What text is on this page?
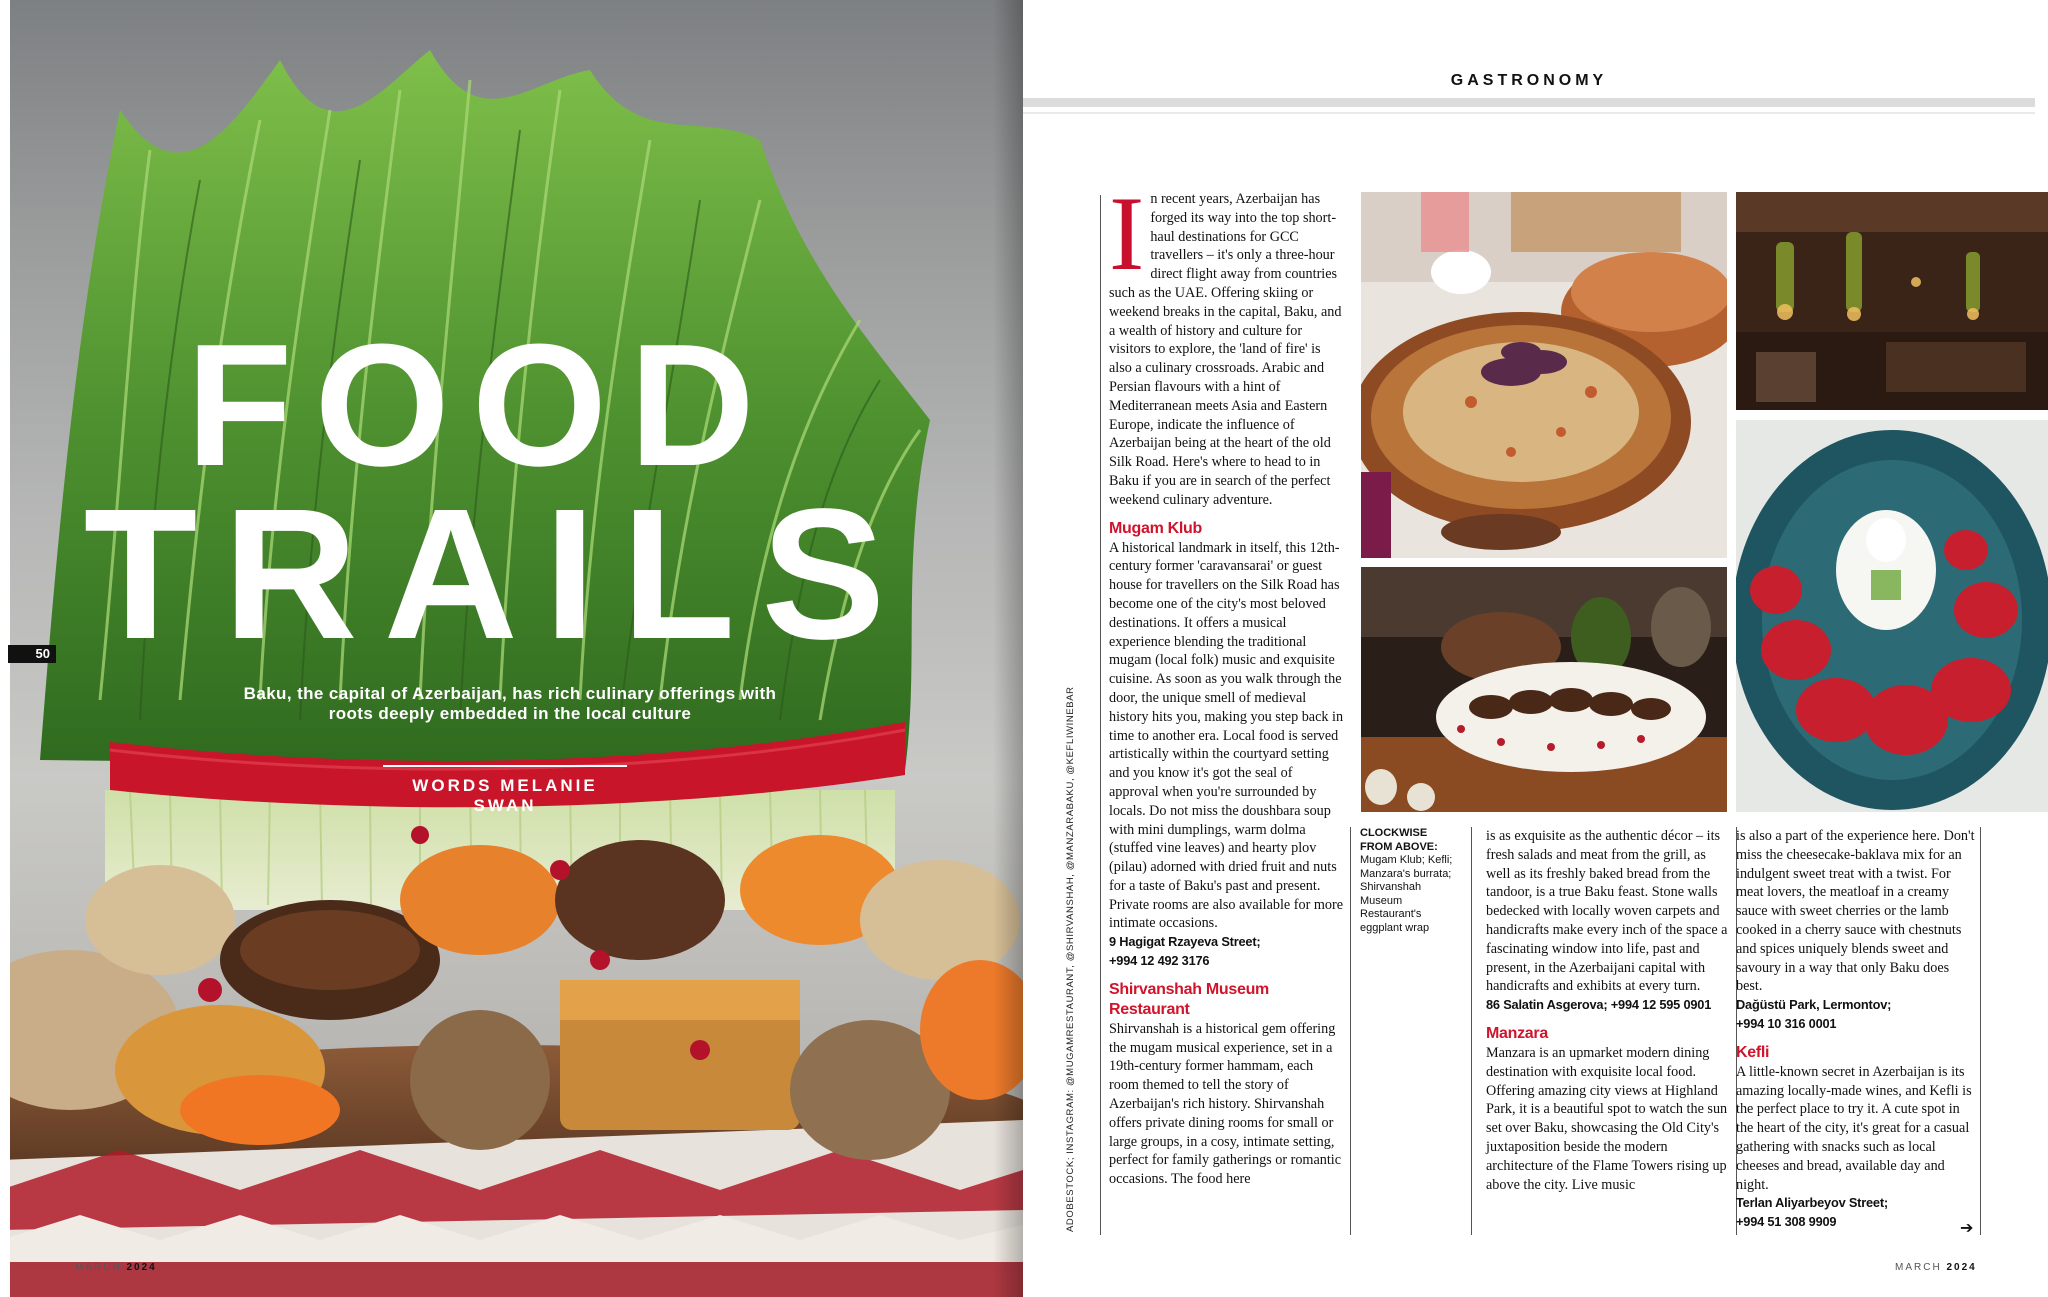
FOOD
TRAILS
50
Baku, the capital of Azerbaijan, has rich culinary offerings with roots deeply embedded in the local culture
WORDS MELANIE SWAN
MARCH 2024
GASTRONOMY
ADOBESTOCK; INSTAGRAM: @MUGAMRESTAURANT, @SHIRVANSHAH, @MANZARABAKU, @KEFLIWINEBAR

In recent years, Azerbaijan has forged its way into the top short-haul destinations for GCC travellers – it's only a three-hour direct flight away from countries such as the UAE. Offering skiing or weekend breaks in the capital, Baku, and a wealth of history and culture for visitors to explore, the 'land of fire' is also a culinary crossroads. Arabic and Persian flavours with a hint of Mediterranean meets Asia and Eastern Europe, indicate the influence of Azerbaijan being at the heart of the old Silk Road. Here's where to head to in Baku if you are in search of the perfect weekend culinary adventure.

Mugam Klub

A historical landmark in itself, this 12th-century former 'caravansarai' or guest house for travellers on the Silk Road has become one of the city's most beloved destinations. It offers a musical experience blending the traditional mugam (local folk) music and exquisite cuisine. As soon as you walk through the door, the unique smell of medieval history hits you, making you step back in time to another era. Local food is served artistically within the courtyard setting and you know it's got the seal of approval when you're surrounded by locals. Do not miss the doushbara soup with mini dumplings, warm dolma (stuffed vine leaves) and hearty plov (pilau) adorned with dried fruit and nuts for a taste of Baku's past and present. Private rooms are also available for more intimate occasions.

9 Hagigat Rzayeva Street;

+994 12 492 3176

Shirvanshah Museum Restaurant

Shirvanshah is a historical gem offering the mugam musical experience, set in a 19th-century former hammam, each room themed to tell the story of Azerbaijan's rich history. Shirvanshah offers private dining rooms for small or large groups, in a cosy, intimate setting, perfect for family gatherings or romantic occasions. The food here

CLOCKWISE FROM ABOVE: Mugam Klub; Kefli; Manzara's burrata; Shirvanshah Museum Restaurant's eggplant wrap

is as exquisite as the authentic décor – its fresh salads and meat from the grill, as well as its freshly baked bread from the tandoor, is a true Baku feast. Stone walls bedecked with locally woven carpets and handicrafts make every inch of the space a fascinating window into life, past and present, in the Azerbaijani capital with handicrafts and exhibits at every turn.

86 Salatin Asgerova; +994 12 595 0901

Manzara

Manzara is an upmarket modern dining destination with exquisite local food. Offering amazing city views at Highland Park, it is a beautiful spot to watch the sun set over Baku, showcasing the Old City's juxtaposition beside the modern architecture of the Flame Towers rising up above the city. Live music

is also a part of the experience here. Don't miss the cheesecake-baklava mix for an indulgent sweet treat with a twist. For meat lovers, the meatloaf in a creamy sauce with sweet cherries or the lamb cooked in a cherry sauce with chestnuts and spices uniquely blends sweet and savoury in a way that only Baku does best.

Dağüstü Park, Lermontov;

+994 10 316 0001

Kefli

A little-known secret in Azerbaijan is its amazing locally-made wines, and Kefli is the perfect place to try it. A cute spot in the heart of the city, it's great for a casual gathering with snacks such as local cheeses and bread, available day and night.

Terlan Aliyarbeyov Street;

+994 51 308 9909	➔
MARCH 2024
